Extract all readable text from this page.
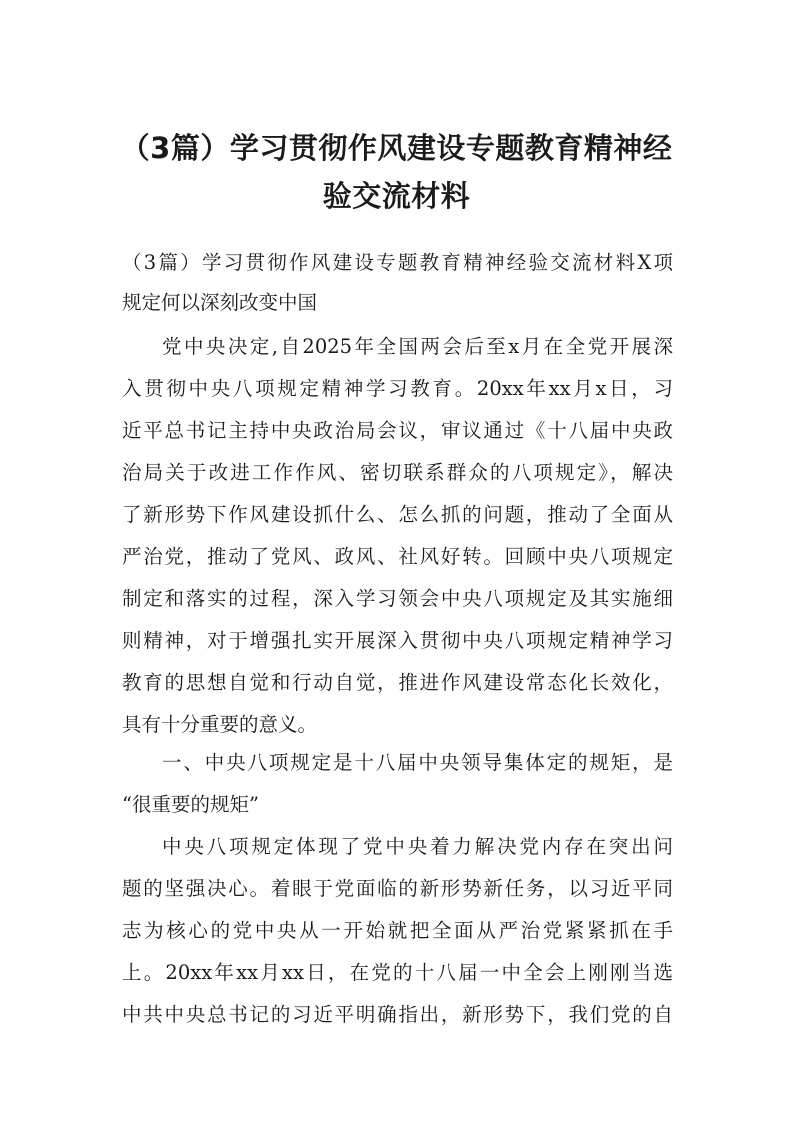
（3篇）学习贯彻作风建设专题教育精神经
验交流材料
（3篇）学习贯彻作风建设专题教育精神经验交流材料X项
规定何以深刻改变中国
党中央决定,自2025年全国两会后至x月在全党开展深
入贯彻中央八项规定精神学习教育。20xx年xx月x日，习
近平总书记主持中央政治局会议，审议通过《十八届中央政
治局关于改进工作作风、密切联系群众的八项规定》，解决
了新形势下作风建设抓什么、怎么抓的问题，推动了全面从
严治党，推动了党风、政风、社风好转。回顾中央八项规定
制定和落实的过程，深入学习领会中央八项规定及其实施细
则精神，对于增强扎实开展深入贯彻中央八项规定精神学习
教育的思想自觉和行动自觉，推进作风建设常态化长效化，
具有十分重要的意义。
一、中央八项规定是十八届中央领导集体定的规矩，是
“很重要的规矩”
中央八项规定体现了党中央着力解决党内存在突出问
题的坚强决心。着眼于党面临的新形势新任务，以习近平同
志为核心的党中央从一开始就把全面从严治党紧紧抓在手
上。20xx年xx月xx日，在党的十八届一中全会上刚刚当选
中共中央总书记的习近平明确指出，新形势下，我们党的自
